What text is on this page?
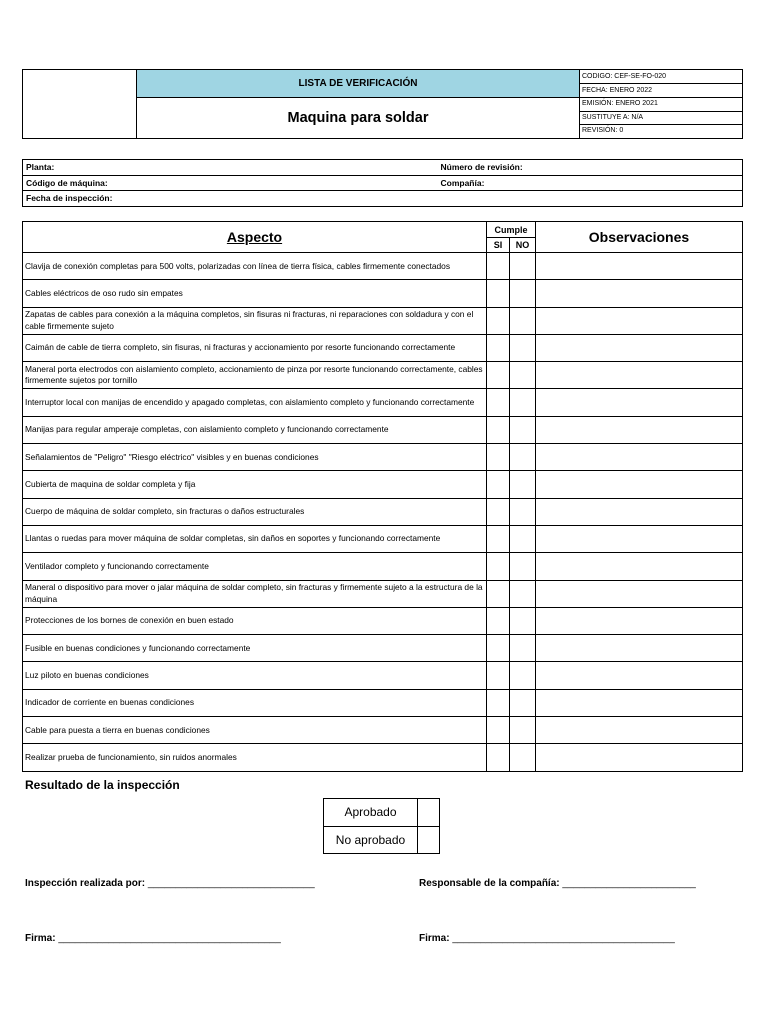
	LISTA DE VERIFICACIÓN	CODIGO: CEF-SE-FO-020
		FECHA: ENERO 2022
	Maquina para soldar	EMISIÓN: ENERO 2021
		SUSTITUYE A: N/A
		REVISIÓN: 0
Planta:	Número de revisión:
Código de máquina:	Compañía:
Fecha de inspección:	
Aspecto	Cumple		Observaciones
	SI	NO	
Clavija de conexión completas para 500 volts, polarizadas con línea de tierra física, cables firmemente conectados			
Cables eléctricos de oso rudo sin empates			
Zapatas de cables para conexión a la máquina completos, sin fisuras ni fracturas, ni reparaciones con soldadura y con el cable firmemente sujeto			
Caimán de cable de tierra completo, sin fisuras, ni fracturas y accionamiento por resorte funcionando correctamente			
Maneral porta electrodos con aislamiento completo, accionamiento de pinza por resorte funcionando correctamente, cables firmemente sujetos por tornillo			
Interruptor local con manijas de encendido y apagado completas, con aislamiento completo y funcionando correctamente			
Manijas para regular amperaje completas, con aislamiento completo y funcionando correctamente			
Señalamientos de "Peligro" "Riesgo eléctrico" visibles y en buenas condiciones			
Cubierta de maquina de soldar completa y fija			
Cuerpo de máquina de soldar completo, sin fracturas o daños estructurales			
Llantas o ruedas para mover máquina de soldar completas, sin daños en soportes y funcionando correctamente			
Ventilador completo y funcionando correctamente			
Maneral o dispositivo para mover o jalar máquina de soldar completo, sin fracturas y firmemente sujeto a la estructura de la máquina			
Protecciones de los bornes de conexión en buen estado			
Fusible en buenas condiciones y funcionando correctamente			
Luz piloto en buenas condiciones			
Indicador de corriente en buenas condiciones			
Cable para puesta a tierra en buenas condiciones			
Realizar prueba de funcionamiento, sin ruidos anormales			
Resultado de la inspección
Aprobado	
No aprobado	
Inspección realizada por: ______________________________	Responsable de la compañía: ________________________
Firma: ________________________________________	Firma: ________________________________________
